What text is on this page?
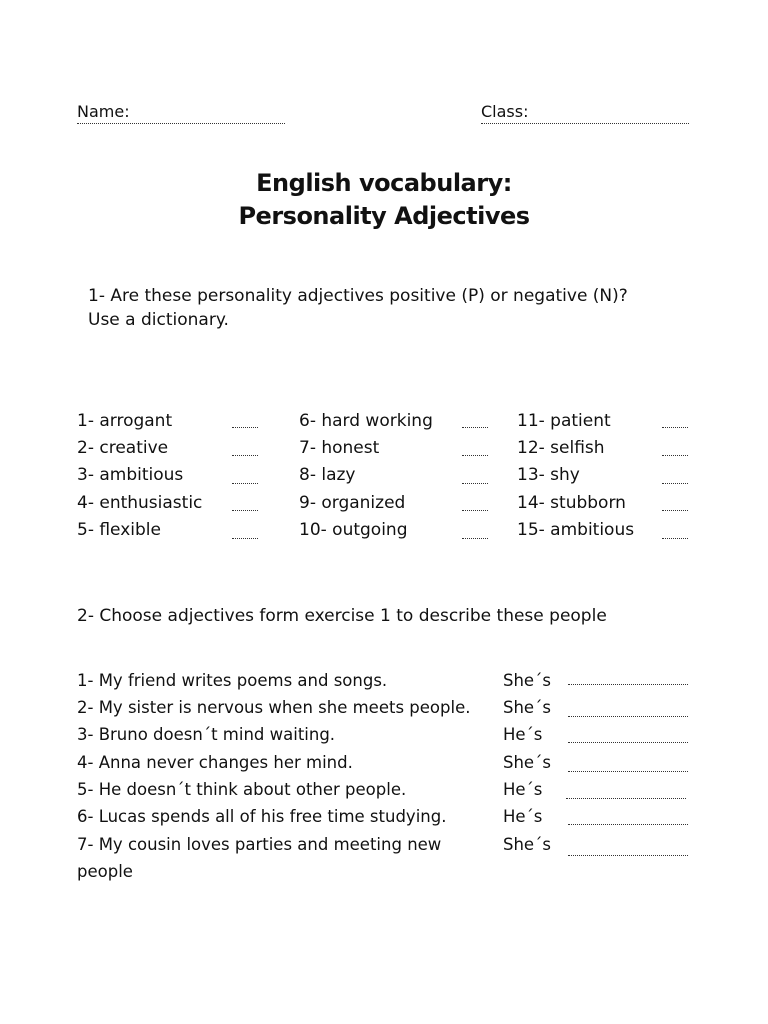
Name:	Class:
English vocabulary:
Personality Adjectives
1- Are these personality adjectives positive (P) or negative (N)?
Use a dictionary.
1- arrogant
2- creative
3- ambitious
4- enthusiastic
5- flexible
6- hard working
7- honest
8- lazy
9- organized
10- outgoing
11- patient
12- selfish
13- shy
14- stubborn
15- ambitious
2- Choose adjectives form exercise 1 to describe these people
1- My friend writes poems and songs.	She´s
2- My sister is nervous when she meets people. She´s
3- Bruno doesn´t mind waiting.	He´s
4- Anna never changes her mind.	She´s
5- He doesn´t think about other people.	He´s
6- Lucas spends all of his free time studying.	He´s
7- My cousin loves parties and meeting new
people
She´s
